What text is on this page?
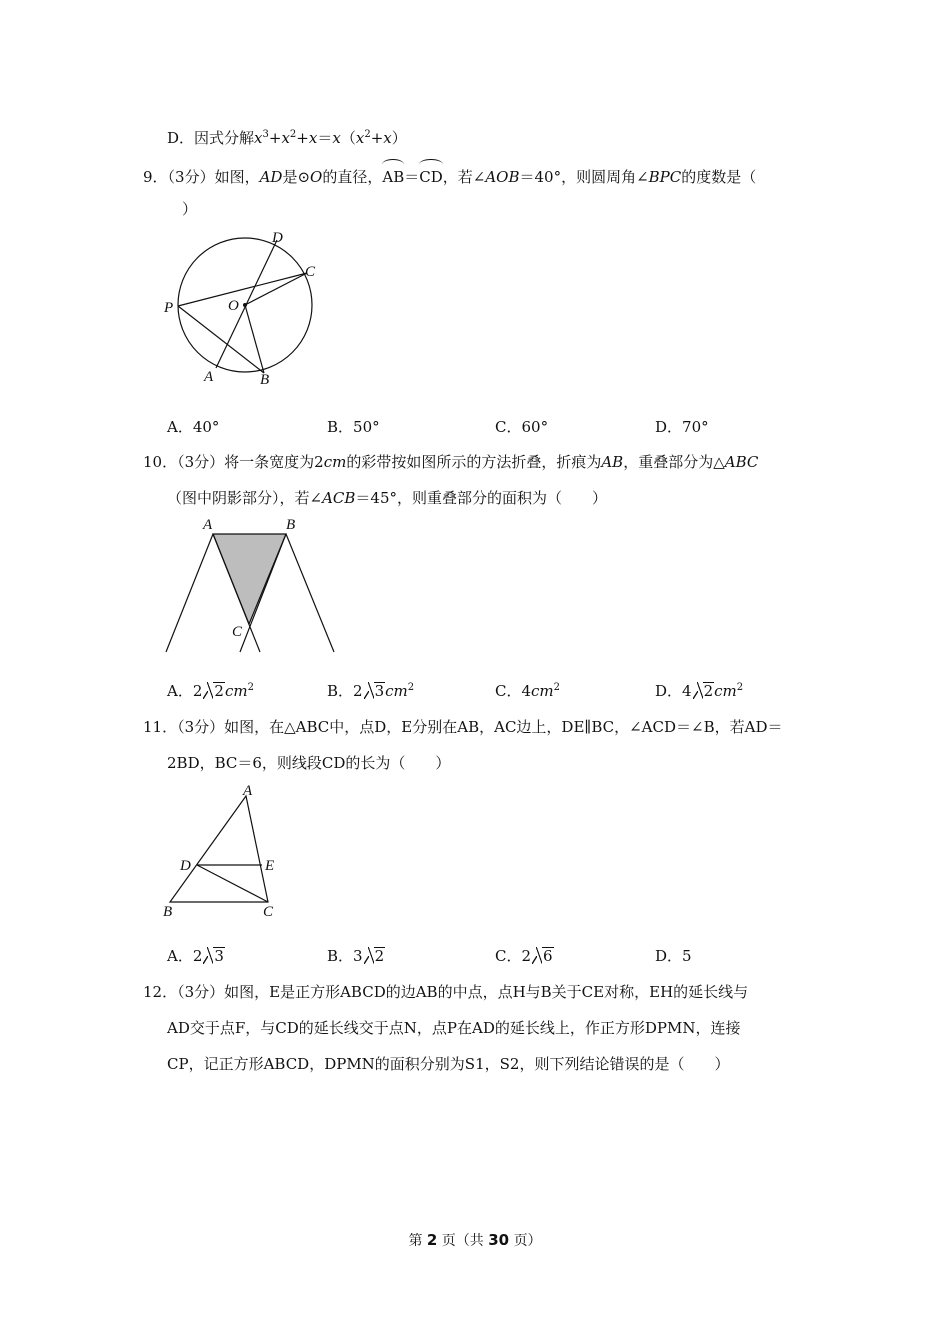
D．因式分解$x^3+x^2+x=x(x^2+x)$
9．（3分）如图，AD是⊙O的直径，AB＝CD，若∠AOB＝40°，则圆周角∠BPC的度数是（
）
D
C
P	O
A	B
A．40°	B．50°	C．60°	D．70°
10．（3分）将一条宽度为2cm的彩带按如图所示的方法折叠，折痕为AB，重叠部分为△ABC
（图中阴影部分），若∠ACB＝45°，则重叠部分的面积为（　　）
A	B
C
A．2 $2cm^2$	B．2 $3cm^2$	C．$4cm^2$	D．4 $2cm^2$
11．（3分）如图，在△ABC中，点D，E分别在AB，AC边上，DE∥BC，∠ACD＝∠B，若AD＝
2BD，BC＝6，则线段CD的长为（　　）
A
D	E
B	C
A．2 3	B．3 2	C．2 6	D．5
12．（3分）如图，E是正方形ABCD的边AB的中点，点H与B关于CE对称，EH的延长线与
AD交于点F，与CD的延长线交于点N，点P在AD的延长线上，作正方形DPMN，连接
CP，记正方形ABCD，DPMN的面积分别为S1，S2，则下列结论错误的是（　　）
第 2 页（共 30 页）
